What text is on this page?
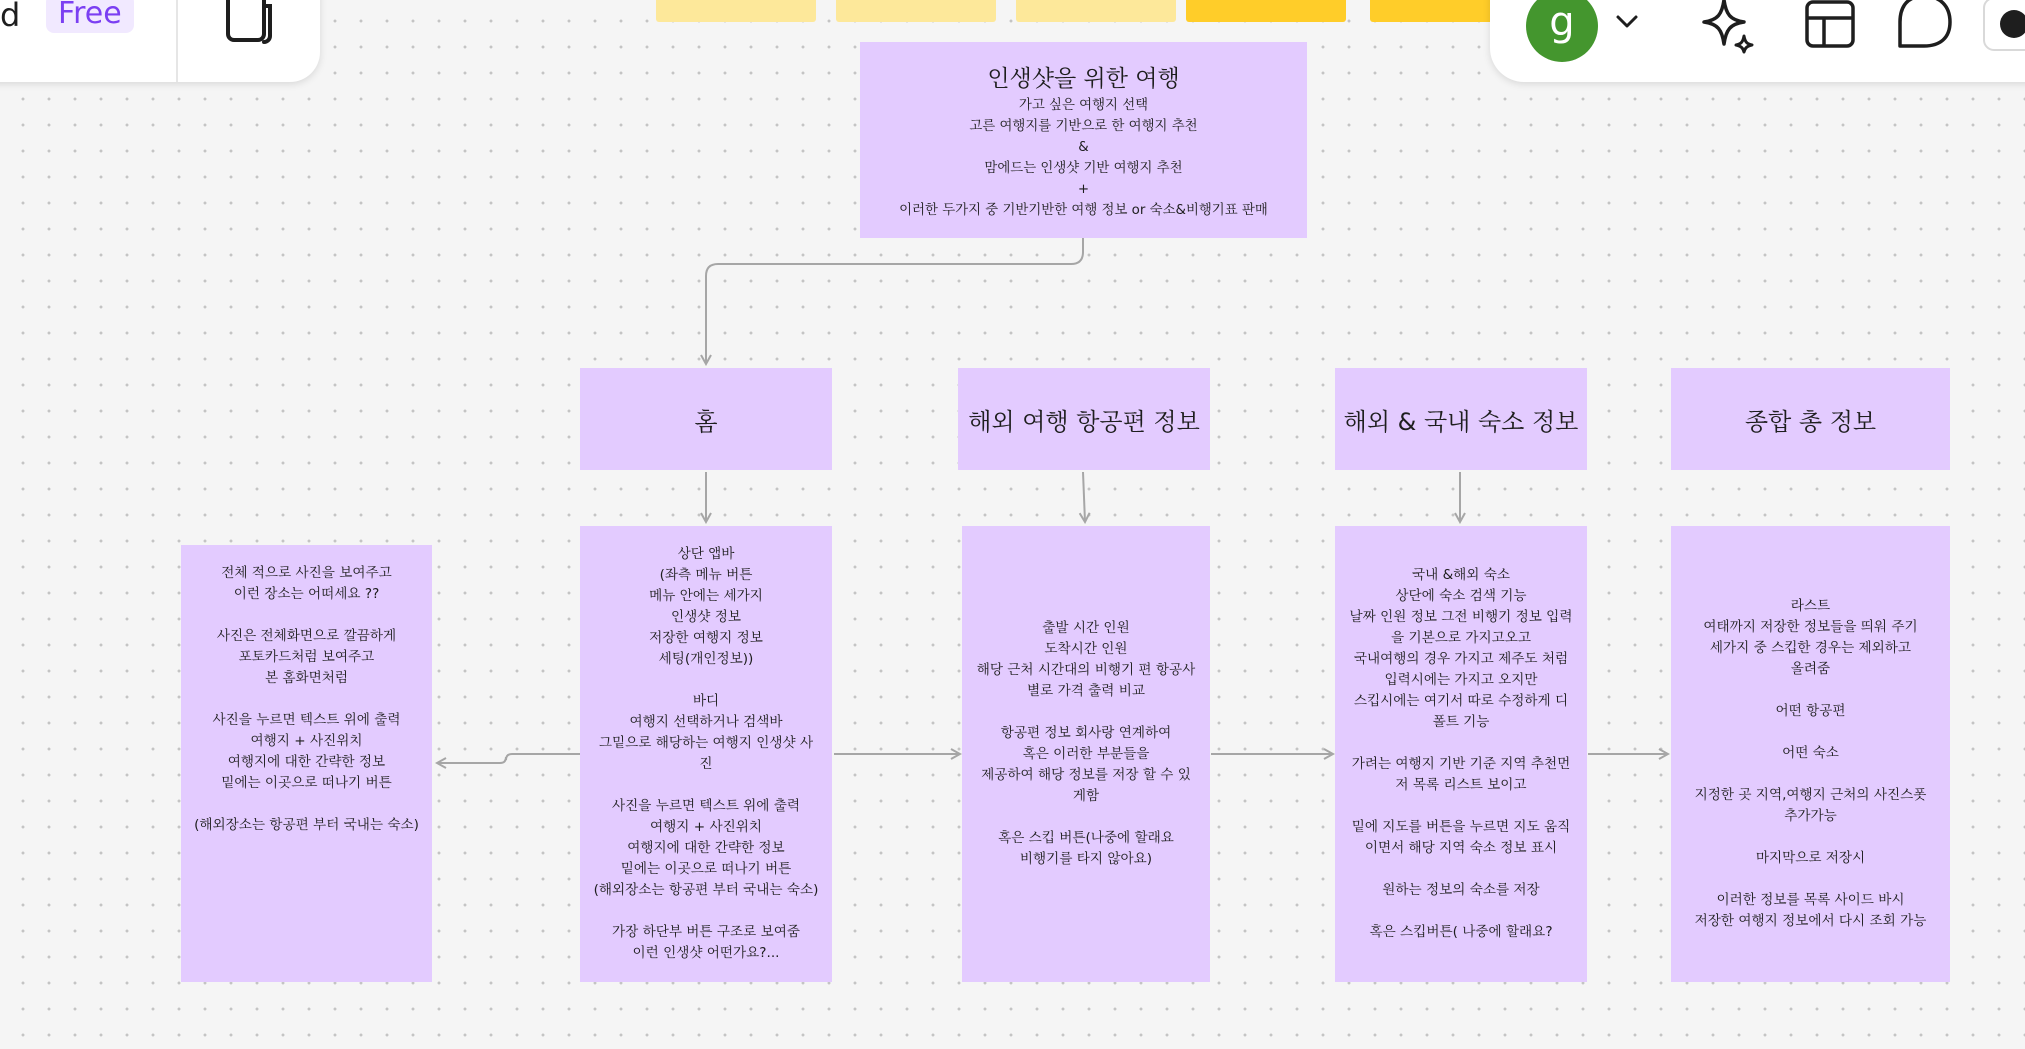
d	Free	g
인생샷을 위한 여행
가고 싶은 여행지 선택
고른 여행지를 기반으로 한 여행지 추천
&
맘에드는 인생샷 기반 여행지 추천
+
이러한 두가지 중 기반기반한 여행 정보 or 숙소&비행기표 판매
홈	해외 여행 항공편 정보	해외 & 국내 숙소 정보	종합 총 정보
전체 적으로 사진을 보여주고
이런 장소는 어떠세요 ??

사진은 전체화면으로 깔끔하게
포토카드처럼 보여주고
본 홈화면처럼

사진을 누르면 텍스트 위에 출력
여행지 + 사진위치
여행지에 대한 간략한 정보
밑에는 이곳으로 떠나기 버튼

(해외장소는 항공편 부터 국내는 숙소)
상단 앱바
(좌측 메뉴 버튼
메뉴 안에는 세가지
인생샷 정보
저장한 여행지 정보
세팅(개인정보))

바디
여행지 선택하거나 검색바
그밑으로 해당하는 여행지 인생샷 사
진

사진을 누르면 텍스트 위에 출력
여행지 + 사진위치
여행지에 대한 간략한 정보
밑에는 이곳으로 떠나기 버튼
(해외장소는 항공편 부터 국내는 숙소)

가장 하단부 버튼 구조로 보여줌
이런 인생샷 어떤가요?...
출발 시간 인원
도착시간 인원
해당 근처 시간대의 비행기 편 항공사
별로 가격 출력 비교

항공편 정보 회사랑 연계하여
혹은 이러한 부분들을
제공하여 해당 정보를 저장 할 수 있
게함

혹은 스킵 버튼(나중에 할래요
비행기를 타지 않아요)
국내 &해외 숙소
상단에 숙소 검색 기능
날짜 인원 정보 그전 비행기 정보 입력
을 기본으로 가지고오고
국내여행의 경우 가지고 제주도 처럼
입력시에는 가지고 오지만
스킵시에는 여기서 따로 수정하게 디
폴트 기능

가려는 여행지 기반 기준 지역 추천먼
저 목록 리스트 보이고

밑에 지도를 버튼을 누르면 지도 움직
이면서 해당 지역 숙소 정보 표시

원하는 정보의 숙소를 저장

혹은 스킵버튼( 나중에 할래요?
라스트
여태까지 저장한 정보들을 띄워 주기
세가지 중 스킵한 경우는 제외하고
올려줌

어떤 항공편

어떤 숙소

지정한 곳 지역,여행지 근처의 사진스폿
추가가능

마지막으로 저장시

이러한 정보를 목록 사이드 바시
저장한 여행지 정보에서 다시 조회 가능
